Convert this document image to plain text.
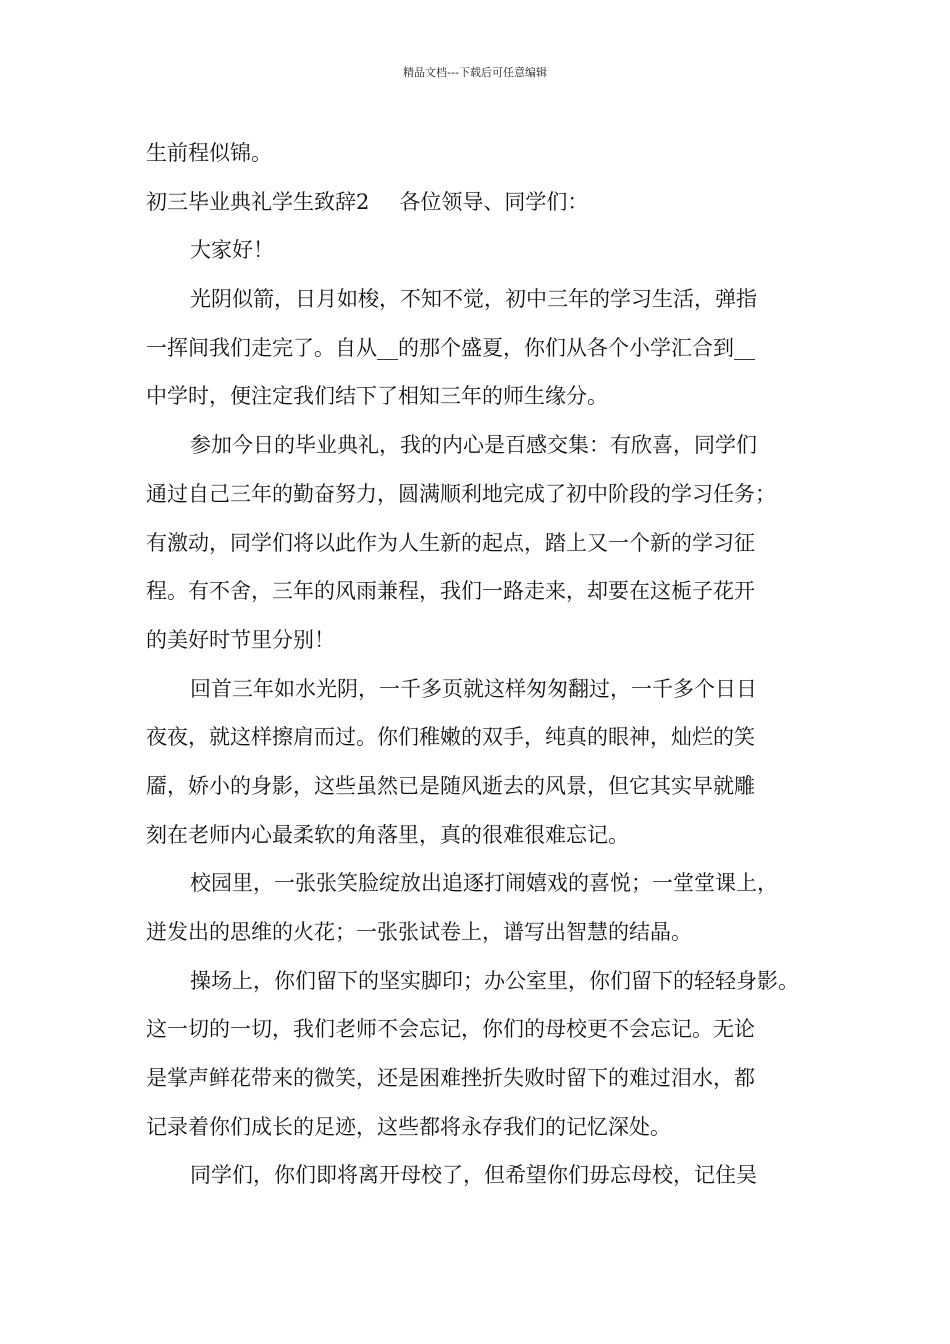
精品文档---下载后可任意编辑
生前程似锦。
初三毕业典礼学生致辞2 各位领导、同学们：
大家好！
光阴似箭，日月如梭，不知不觉，初中三年的学习生活，弹指
一挥间我们走完了。自从__的那个盛夏，你们从各个小学汇合到__
中学时，便注定我们结下了相知三年的师生缘分。
参加今日的毕业典礼，我的内心是百感交集：有欣喜，同学们
通过自己三年的勤奋努力，圆满顺利地完成了初中阶段的学习任务；
有激动，同学们将以此作为人生新的起点，踏上又一个新的学习征
程。有不舍，三年的风雨兼程，我们一路走来，却要在这栀子花开
的美好时节里分别！
回首三年如水光阴，一千多页就这样匆匆翻过，一千多个日日
夜夜，就这样擦肩而过。你们稚嫩的双手，纯真的眼神，灿烂的笑
靥，娇小的身影，这些虽然已是随风逝去的风景，但它其实早就雕
刻在老师内心最柔软的角落里，真的很难很难忘记。
校园里，一张张笑脸绽放出追逐打闹嬉戏的喜悦；一堂堂课上，
迸发出的思维的火花；一张张试卷上，谱写出智慧的结晶。
操场上，你们留下的坚实脚印；办公室里，你们留下的轻轻身影。
这一切的一切，我们老师不会忘记，你们的母校更不会忘记。无论
是掌声鲜花带来的微笑，还是困难挫折失败时留下的难过泪水，都
记录着你们成长的足迹，这些都将永存我们的记忆深处。
同学们，你们即将离开母校了，但希望你们毋忘母校，记住吴
